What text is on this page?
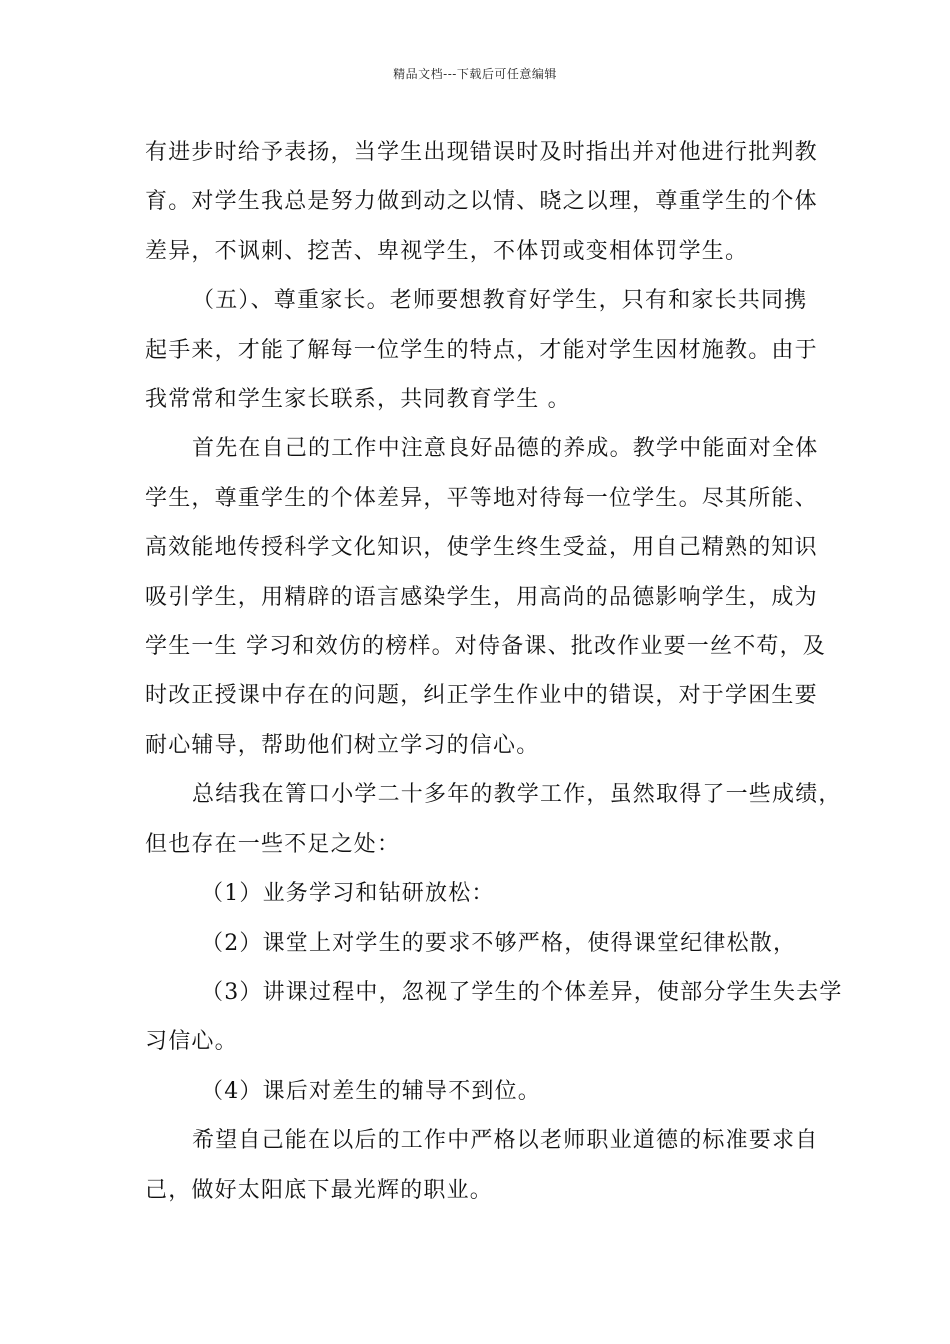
精品文档---下载后可任意编辑

有进步时给予表扬，当学生出现错误时及时指出并对他进行批判教

育。对学生我总是努力做到动之以情、晓之以理，尊重学生的个体

差异，不讽刺、挖苦、卑视学生，不体罚或变相体罚学生。

（五）、尊重家长。老师要想教育好学生，只有和家长共同携

起手来，才能了解每一位学生的特点，才能对学生因材施教。由于

我常常和学生家长联系，共同教育学生 。

首先在自己的工作中注意良好品德的养成。教学中能面对全体

学生，尊重学生的个体差异，平等地对待每一位学生。尽其所能、

高效能地传授科学文化知识，使学生终生受益，用自己精熟的知识

吸引学生，用精辟的语言感染学生，用高尚的品德影响学生，成为

学生一生 学习和效仿的榜样。对侍备课、批改作业要一丝不苟，及

时改正授课中存在的问题，纠正学生作业中的错误，对于学困生要

耐心辅导，帮助他们树立学习的信心。

总结我在箐口小学二十多年的教学工作，虽然取得了一些成绩，

但也存在一些不足之处：

（1）业务学习和钻研放松：

（2）课堂上对学生的要求不够严格，使得课堂纪律松散，

（3）讲课过程中，忽视了学生的个体差异，使部分学生失去学

习信心。

（4）课后对差生的辅导不到位。

希望自己能在以后的工作中严格以老师职业道德的标准要求自

己，做好太阳底下最光辉的职业。
